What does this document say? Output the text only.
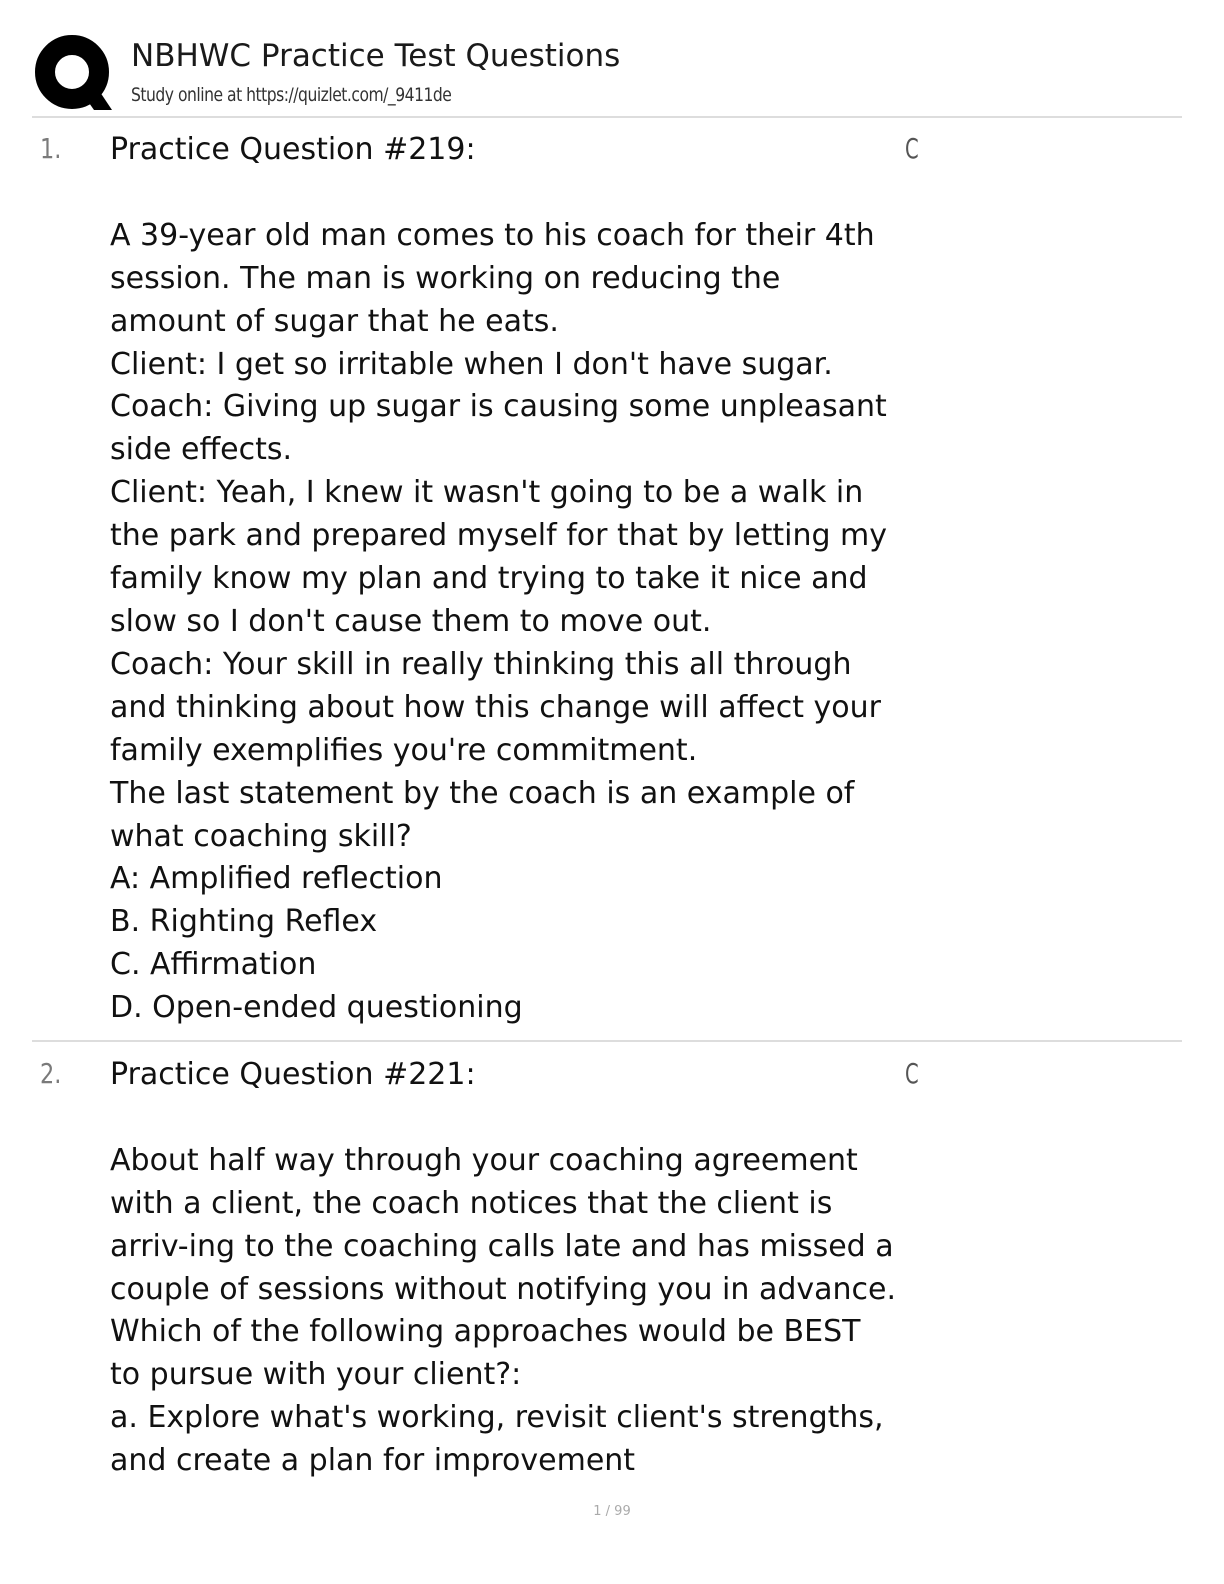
NBHWC Practice Test Questions
Study online at https://quizlet.com/_9411de
1. Practice Question #219:

A 39-year old man comes to his coach for their 4th session. The man is working on reducing the amount of sugar that he eats.
Client: I get so irritable when I don't have sugar.
Coach: Giving up sugar is causing some unpleasant side effects.
Client: Yeah, I knew it wasn't going to be a walk in the park and prepared myself for that by letting my family know my plan and trying to take it nice and slow so I don't cause them to move out.
Coach: Your skill in really thinking this all through and thinking about how this change will affect your family exemplifies you're commitment.
The last statement by the coach is an example of what coaching skill?
A: Amplified reflection
B. Righting Reflex
C. Affirmation
D. Open-ended questioning
C
2. Practice Question #221:

About half way through your coaching agreement with a client, the coach notices that the client is arriv-ing to the coaching calls late and has missed a couple of sessions without notifying you in advance. Which of the following approaches would be BEST to pursue with your client?:
a. Explore what's working, revisit client's strengths, and create a plan for improvement
C
1 / 99
